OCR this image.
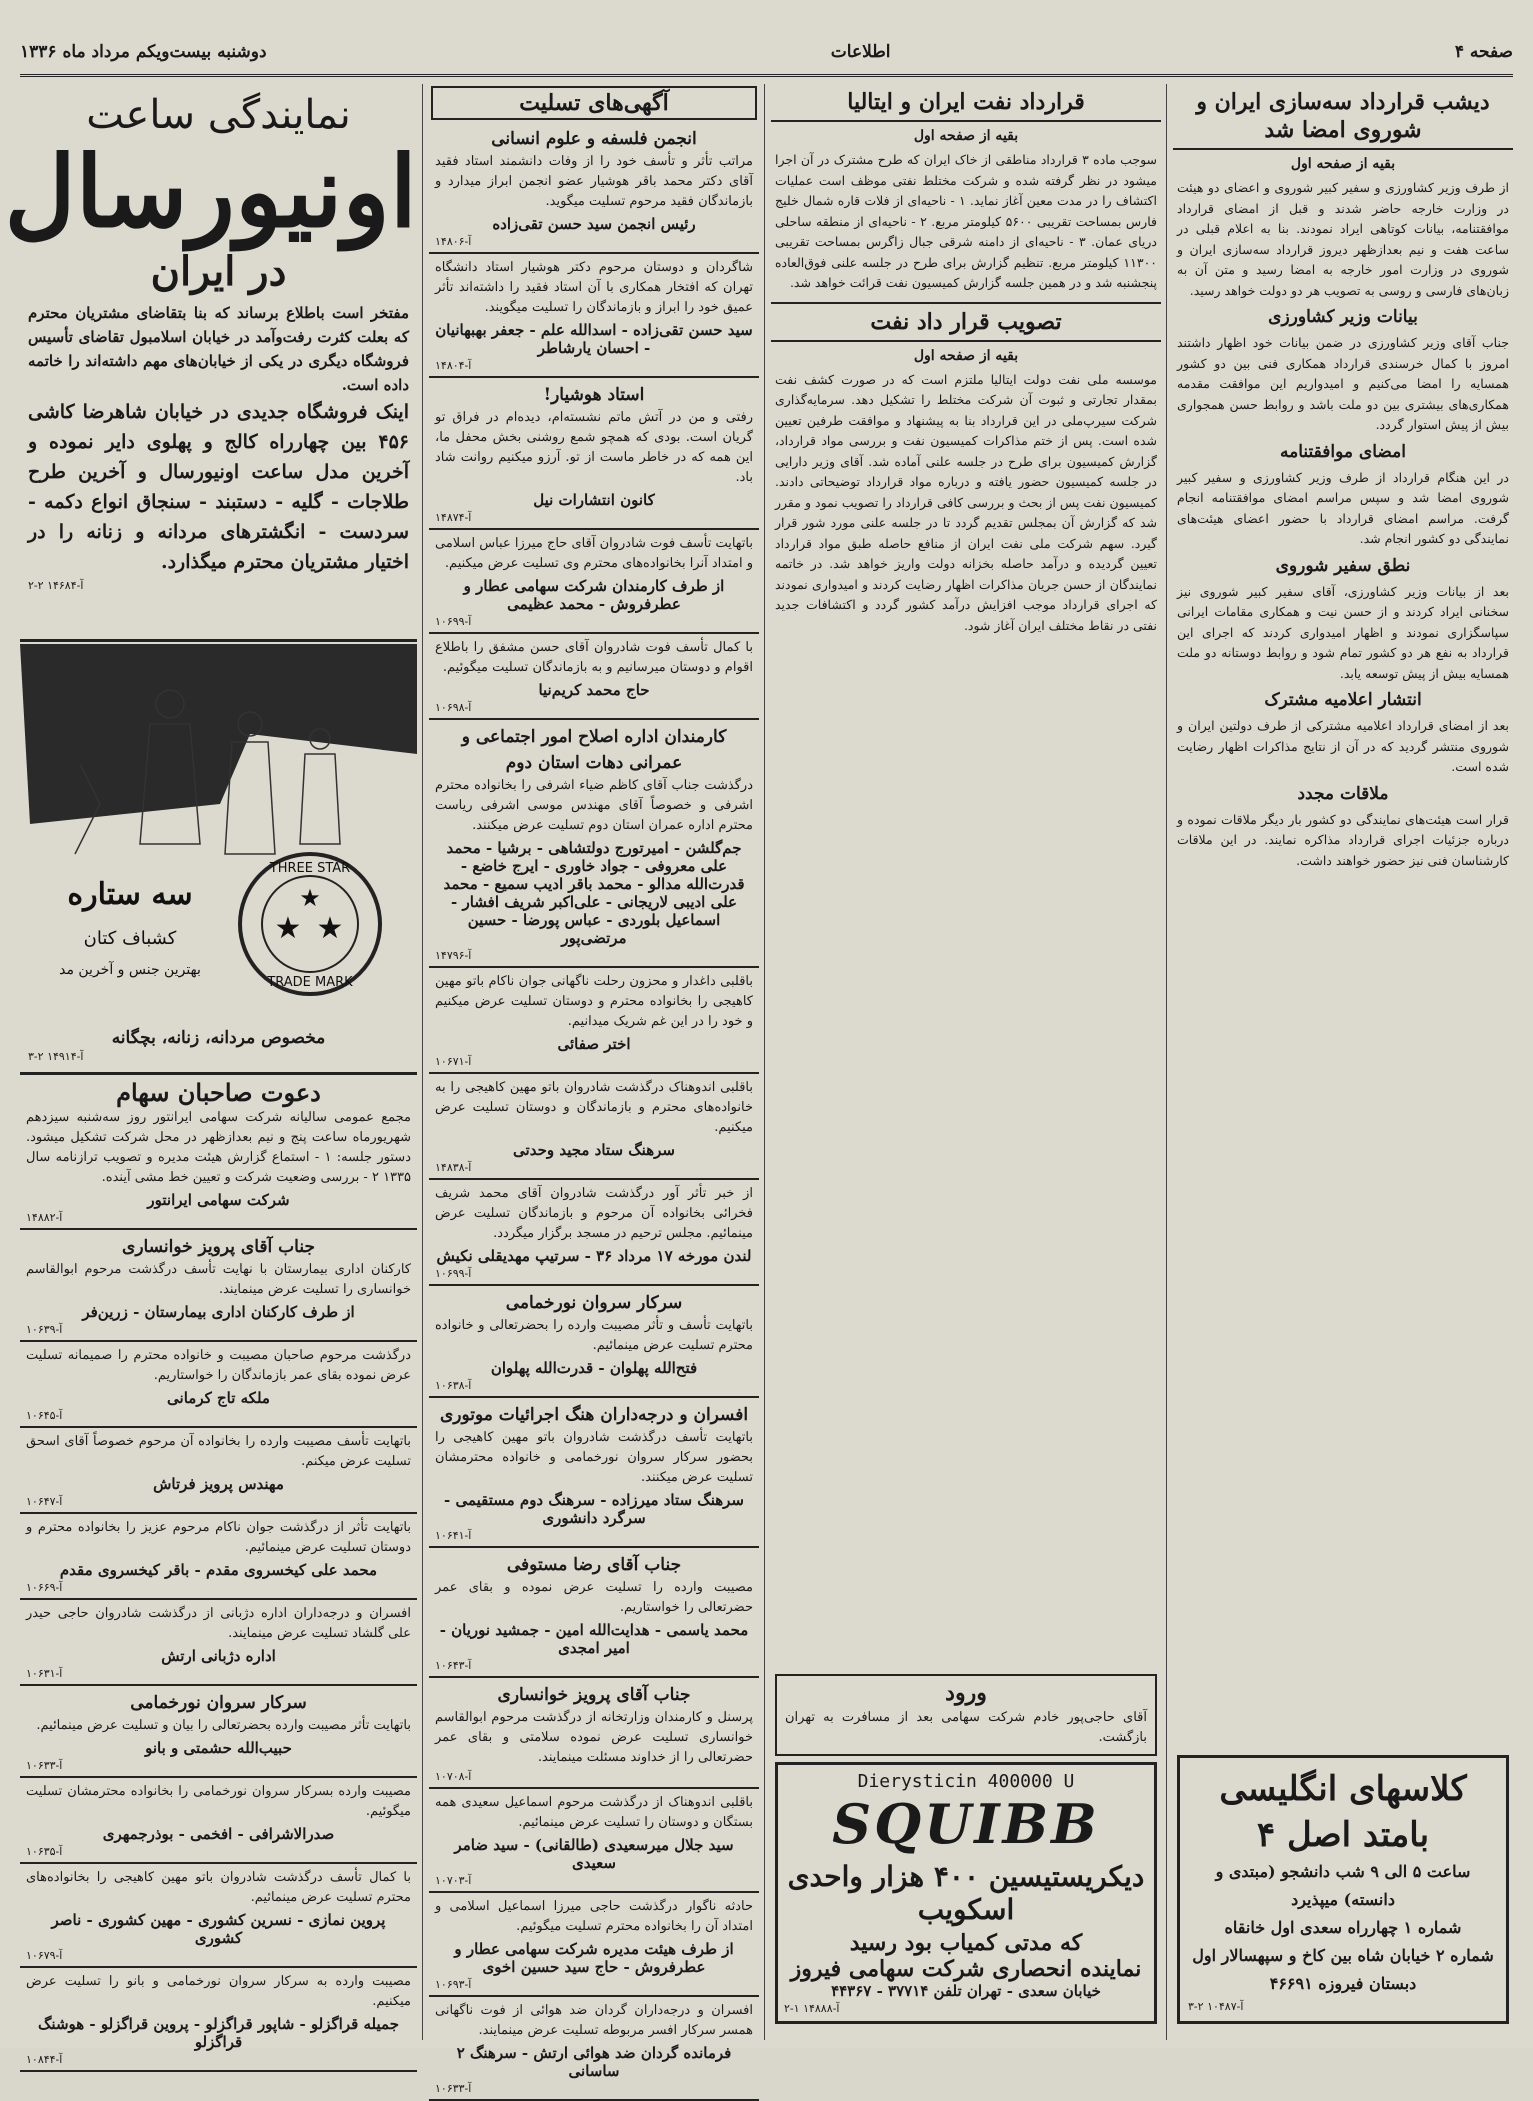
صفحه ۴
اطلاعات
دوشنبه بیست‌ویکم مرداد ماه ۱۳۳۶
دیشب قرارداد سه‌سازی ایران و شوروی امضا شد
بقیه از صفحه اول

از طرف وزیر کشاورزی و سفیر کبیر شوروی و اعضای دو هیئت در وزارت خارجه حاضر شدند و قبل از امضای قرارداد موافقتنامه، بیانات کوتاهی ایراد نمودند. بنا به اعلام قبلی در ساعت هفت و نیم بعدازظهر دیروز قرارداد سه‌سازی ایران و شوروی در وزارت امور خارجه به امضا رسید و متن آن به زبان‌های فارسی و روسی به تصویب هر دو دولت خواهد رسید.

بیانات وزیر کشاورزی

جناب آقای وزیر کشاورزی در ضمن بیانات خود اظهار داشتند امروز با کمال خرسندی قرارداد همکاری فنی بین دو کشور همسایه را امضا می‌کنیم و امیدواریم این موافقت مقدمه همکاری‌های بیشتری بین دو ملت باشد و روابط حسن همجواری بیش از پیش استوار گردد.

امضای موافقتنامه

در این هنگام قرارداد از طرف وزیر کشاورزی و سفیر کبیر شوروی امضا شد و سپس مراسم امضای موافقتنامه انجام گرفت. مراسم امضای قرارداد با حضور اعضای هیئت‌های نمایندگی دو کشور انجام شد.

نطق سفیر شوروی

بعد از بیانات وزیر کشاورزی، آقای سفیر کبیر شوروی نیز سخنانی ایراد کردند و از حسن نیت و همکاری مقامات ایرانی سپاسگزاری نمودند و اظهار امیدواری کردند که اجرای این قرارداد به نفع هر دو کشور تمام شود و روابط دوستانه دو ملت همسایه بیش از پیش توسعه یابد.

انتشار اعلامیه مشترک

بعد از امضای قرارداد اعلامیه مشترکی از طرف دولتین ایران و شوروی منتشر گردید که در آن از نتایج مذاکرات اظهار رضایت شده است.

ملاقات مجدد

قرار است هیئت‌های نمایندگی دو کشور بار دیگر ملاقات نموده و درباره جزئیات اجرای قرارداد مذاکره نمایند. در این ملاقات کارشناسان فنی نیز حضور خواهند داشت.

کلاسهای انگلیسی بامتد اصل ۴
ساعت ۵ الی ۹ شب دانشجو (مبتدی و دانسته) میپذیرد
شماره ۱ چهارراه سعدی اول خانقاه
شماره ۲ خیابان شاه بین کاخ و سپهسالار اول
دبستان فیروزه ۴۶۶۹۱
آ-۱۰۴۸۷ ۲-۳
قرارداد نفت ایران و ایتالیا
بقیه از صفحه اول

سوجب ماده ۳ قرارداد مناطقی از خاک ایران که طرح مشترک در آن اجرا میشود در نظر گرفته شده و شرکت مختلط نفتی موظف است عملیات اکتشاف را در مدت معین آغاز نماید. ۱ - ناحیه‌ای از فلات قاره شمال خلیج فارس بمساحت تقریبی ۵۶۰۰ کیلومتر مربع. ۲ - ناحیه‌ای از منطقه ساحلی دریای عمان. ۳ - ناحیه‌ای از دامنه شرقی جبال زاگرس بمساحت تقریبی ۱۱۳۰۰ کیلومتر مربع. تنظیم گزارش برای طرح در جلسه علنی فوق‌العاده پنجشنبه شد و در همین جلسه گزارش کمیسیون نفت قرائت خواهد شد.

تصویب قرار داد نفت
بقیه از صفحه اول

موسسه ملی نفت دولت ایتالیا ملتزم است که در صورت کشف نفت بمقدار تجارتی و ثبوت آن شرکت مختلط را تشکیل دهد. سرمایه‌گذاری شرکت سیرپ‌ملی در این قرارداد بنا به پیشنهاد و موافقت طرفین تعیین شده است. پس از ختم مذاکرات کمیسیون نفت و بررسی مواد قرارداد، گزارش کمیسیون برای طرح در جلسه علنی آماده شد. آقای وزیر دارایی در جلسه کمیسیون حضور یافته و درباره مواد قرارداد توضیحاتی دادند. کمیسیون نفت پس از بحث و بررسی کافی قرارداد را تصویب نمود و مقرر شد که گزارش آن بمجلس تقدیم گردد تا در جلسه علنی مورد شور قرار گیرد. سهم شرکت ملی نفت ایران از منافع حاصله طبق مواد قرارداد تعیین گردیده و درآمد حاصله بخزانه دولت واریز خواهد شد. در خاتمه نمایندگان از حسن جریان مذاکرات اظهار رضایت کردند و امیدواری نمودند که اجرای قرارداد موجب افزایش درآمد کشور گردد و اکتشافات جدید نفتی در نقاط مختلف ایران آغاز شود.

ورود

آقای حاجی‌پور خادم شرکت سهامی بعد از مسافرت به تهران بازگشت.

Dierysticin 400000 U
SQUIBB
دیکریستیسین ۴۰۰ هزار واحدی اسکویب
که مدتی کمیاب بود رسید
نماینده انحصاری شرکت سهامی فیروز
خیابان سعدی - تهران تلفن ۳۷۷۱۴ - ۴۴۳۶۷
آ-۱۴۸۸۸ ۱-۲
آگهی‌های تسلیت
انجمن فلسفه و علوم انسانی
مراتب تأثر و تأسف خود را از وفات دانشمند استاد فقید آقای دکتر محمد باقر هوشیار عضو انجمن ابراز میدارد و بازماندگان فقید مرحوم تسلیت میگوید.
رئیس انجمن سید حسن تقی‌زاده
آ-۱۴۸۰۶
شاگردان و دوستان مرحوم دکتر هوشیار استاد دانشگاه تهران که افتخار همکاری با آن استاد فقید را داشته‌اند تأثر عمیق خود را ابراز و بازماندگان را تسلیت میگویند.
سید حسن تقی‌زاده - اسدالله علم - جعفر بهبهانیان - احسان یارشاطر
آ-۱۴۸۰۴
استاد هوشیار!
رفتی و من در آتش ماتم نشسته‌ام، دیده‌ام در فراق تو گریان است. بودی که همچو شمع روشنی بخش محفل ما، این همه که در خاطر ماست از تو. آرزو میکنیم روانت شاد باد.
کانون انتشارات نیل
آ-۱۴۸۷۴
باتهایت تأسف فوت شادروان آقای حاج میرزا عباس اسلامی و امتداد آنرا بخانواده‌های محترم وی تسلیت عرض میکنیم.
از طرف کارمندان شرکت سهامی عطار و عطرفروش - محمد عظیمی
آ-۱۰۶۹۹
با کمال تأسف فوت شادروان آقای حسن مشفق را باطلاع اقوام و دوستان میرسانیم و به بازماندگان تسلیت میگوئیم.
حاج محمد کریم‌نیا
آ-۱۰۶۹۸
کارمندان اداره اصلاح امور اجتماعی و عمرانی دهات استان دوم
درگذشت جناب آقای کاظم ضیاء اشرفی را بخانواده محترم اشرفی و خصوصاً آقای مهندس موسی اشرفی ریاست محترم اداره عمران استان دوم تسلیت عرض میکنند.
جم‌گلشن - امیرتورج دولتشاهی - برشیا - محمد علی معروفی - جواد خاوری - ایرج خاضع - قدرت‌الله مدالو - محمد باقر ادیب سمیع - محمد علی ادیبی لاریجانی - علی‌اکبر شریف افشار - اسماعیل بلوردی - عباس پورضا - حسین مرتضی‌پور
آ-۱۴۷۹۶
باقلبی داغدار و محزون رحلت ناگهانی جوان ناکام باتو مهین کاهیجی را بخانواده محترم و دوستان تسلیت عرض میکنیم و خود را در این غم شریک میدانیم.
اختر صفائی
آ-۱۰۶۷۱
باقلبی اندوهناک درگذشت شادروان باتو مهین کاهیجی را به خانواده‌های محترم و بازماندگان و دوستان تسلیت عرض میکنیم.
سرهنگ ستاد مجید وحدتی
آ-۱۴۸۳۸
از خبر تأثر آور درگذشت شادروان آقای محمد شریف فخرائی بخانواده آن مرحوم و بازماندگان تسلیت عرض مینمائیم. مجلس ترحیم در مسجد برگزار میگردد.
لندن مورخه ۱۷ مرداد ۳۶ - سرتیپ مهدیقلی نکیش
آ-۱۰۶۹۹
سرکار سروان نورخمامی
باتهایت تأسف و تأثر مصیبت وارده را بحضرتعالی و خانواده محترم تسلیت عرض مینمائیم.
فتح‌الله پهلوان - قدرت‌الله پهلوان
آ-۱۰۶۳۸
افسران و درجه‌داران هنگ اجرائیات موتوری
باتهایت تأسف درگذشت شادروان باتو مهین کاهیجی را بحضور سرکار سروان نورخمامی و خانواده محترمشان تسلیت عرض میکنند.
سرهنگ ستاد میرزاده - سرهنگ دوم مستقیمی - سرگرد دانشوری
آ-۱۰۶۴۱
جناب آقای رضا مستوفی
مصیبت وارده را تسلیت عرض نموده و بقای عمر حضرتعالی را خواستاریم.
محمد یاسمی - هدایت‌الله امین - جمشید نوریان - امیر امجدی
آ-۱۰۶۴۳
جناب آقای پرویز خوانساری
پرسنل و کارمندان وزارتخانه از درگذشت مرحوم ابوالقاسم خوانساری تسلیت عرض نموده سلامتی و بقای عمر حضرتعالی را از خداوند مسئلت مینمایند.
آ-۱۰۷۰۸
باقلبی اندوهناک از درگذشت مرحوم اسماعیل سعیدی همه بستگان و دوستان را تسلیت عرض مینمائیم.
سید جلال میرسعیدی (طالقانی) - سید ضامر سعیدی
آ-۱۰۷۰۳
حادثه ناگوار درگذشت حاجی میرزا اسماعیل اسلامی و امتداد آن را بخانواده محترم تسلیت میگوئیم.
از طرف هیئت مدیره شرکت سهامی عطار و عطرفروش - حاج سید حسین اخوی
آ-۱۰۶۹۳
افسران و درجه‌داران گردان ضد هوائی از فوت ناگهانی همسر سرکار افسر مربوطه تسلیت عرض مینمایند.
فرمانده گردان ضد هوائی ارتش - سرهنگ ۲ ساسانی
آ-۱۰۶۳۳
نمایندگی ساعت
اونیورسال
در ایران

مفتخر است باطلاع برساند که بنا بتقاضای مشتریان محترم که بعلت کثرت رفت‌وآمد در خیابان اسلامبول تقاضای تأسیس فروشگاه دیگری در یکی از خیابان‌های مهم داشته‌اند را خاتمه داده است.

اینک فروشگاه جدیدی در خیابان شاهرضا کاشی ۴۵۶ بین چهارراه کالج و پهلوی دایر نموده و آخرین مدل ساعت اونیورسال و آخرین طرح طلاجات - گلیه - دستبند - سنجاق انواع دکمه - سردست - انگشترهای مردانه و زنانه را در اختیار مشتریان محترم میگذارد.

آ-۱۴۶۸۴ ۲-۲
★ ★
★
THREE STAR
TRADE MARK
سه ستاره
کشباف کتان
بهترین جنس و آخرین مد
مخصوص مردانه، زنانه، بچگانه
آ-۱۴۹۱۴ ۲-۳
دعوت صاحبان سهام

مجمع عمومی سالیانه شرکت سهامی ایرانتور روز سه‌شنبه سیزدهم شهریورماه ساعت پنج و نیم بعدازظهر در محل شرکت تشکیل میشود. دستور جلسه: ۱ - استماع گزارش هیئت مدیره و تصویب ترازنامه سال ۱۳۳۵ ۲ - بررسی وضعیت شرکت و تعیین خط مشی آینده.

شرکت سهامی ایرانتور
آ-۱۴۸۸۲
جناب آقای پرویز خوانساری
کارکنان اداری بیمارستان با نهایت تأسف درگذشت مرحوم ابوالقاسم خوانساری را تسلیت عرض مینمایند.
از طرف کارکنان اداری بیمارستان - زرین‌فر
آ-۱۰۶۳۹
درگذشت مرحوم صاحبان مصیبت و خانواده محترم را صمیمانه تسلیت عرض نموده بقای عمر بازماندگان را خواستاریم.
ملکه تاج کرمانی
آ-۱۰۶۴۵
باتهایت تأسف مصیبت وارده را بخانواده آن مرحوم خصوصاً آقای اسحق تسلیت عرض میکنم.
مهندس پرویز فرتاش
آ-۱۰۶۴۷
باتهایت تأثر از درگذشت جوان ناکام مرحوم عزیز را بخانواده محترم و دوستان تسلیت عرض مینمائیم.
محمد علی کیخسروی مقدم - باقر کیخسروی مقدم
آ-۱۰۶۶۹
افسران و درجه‌داران اداره دژبانی از درگذشت شادروان حاجی حیدر علی گلشاد تسلیت عرض مینمایند.
اداره دژبانی ارتش
آ-۱۰۶۳۱
سرکار سروان نورخمامی
باتهایت تأثر مصیبت وارده بحضرتعالی را بیان و تسلیت عرض مینمائیم.
حبیب‌الله حشمتی و بانو
آ-۱۰۶۳۳
مصیبت وارده بسرکار سروان نورخمامی را بخانواده محترمشان تسلیت میگوئیم.
صدرالاشرافی - افخمی - بوذرجمهری
آ-۱۰۶۳۵
با کمال تأسف درگذشت شادروان باتو مهین کاهیجی را بخانواده‌های محترم تسلیت عرض مینمائیم.
پروین نمازی - نسرین کشوری - مهین کشوری - ناصر کشوری
آ-۱۰۶۷۹
مصیبت وارده به سرکار سروان نورخمامی و بانو را تسلیت عرض میکنیم.
جمیله قراگزلو - شاپور قراگزلو - پروین قراگزلو - هوشنگ قراگزلو
آ-۱۰۸۴۴
